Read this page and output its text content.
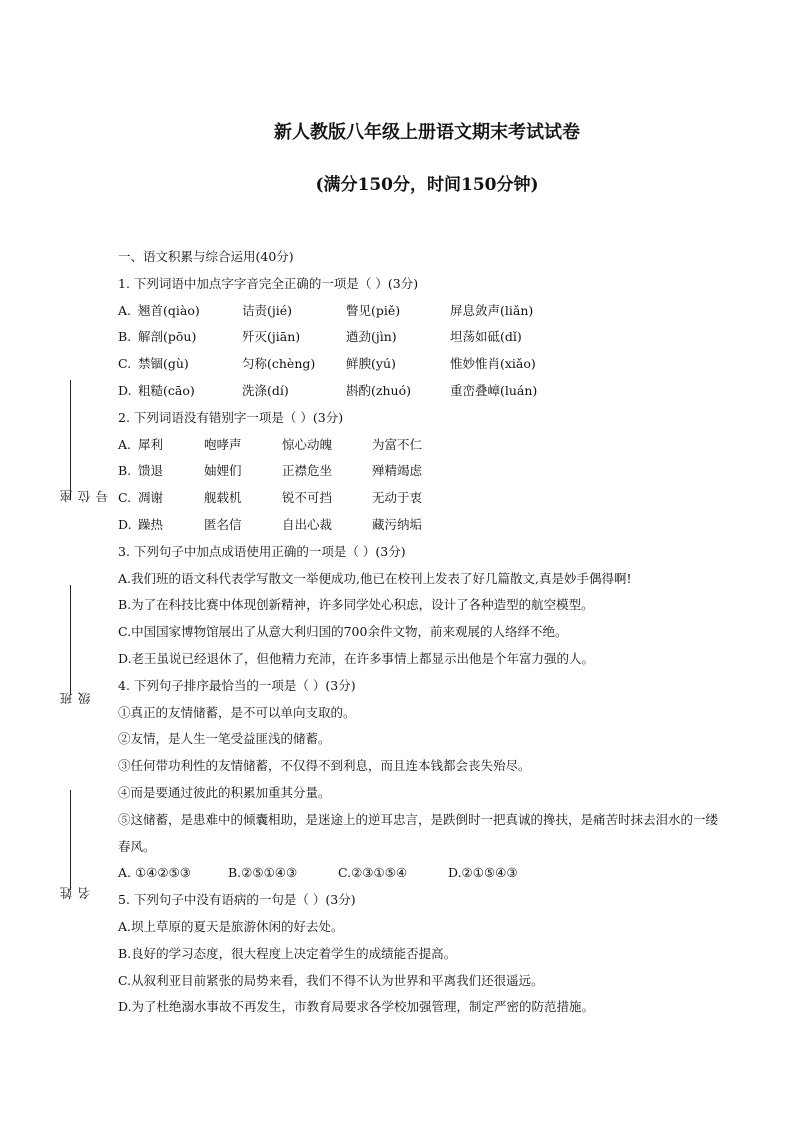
新人教版八年级上册语文期末考试试卷
(满分150分，时间150分钟)
座位号
班级
姓名
一、语文积累与综合运用(40分)
1. 下列词语中加点字字音完全正确的一项是（ ）(3分)
A. 翘首(qiào)	诘责(jié)	瞥见(piě)	屏息敛声(liǎn)
B. 解剖(pōu)	歼灭(jiān)	遒劲(jìn)	坦荡如砥(dǐ)
C. 禁锢(gù)	匀称(chèng)	鲜腴(yú)	惟妙惟肖(xiǎo)
D. 粗糙(cāo)	洗涤(dí)	斟酌(zhuó)	重峦叠嶂(luán)
2. 下列词语没有错别字一项是（ ）(3分)
A. 犀利	咆哮声	惊心动魄	为富不仁
B. 馈退	妯娌们	正襟危坐	殚精竭虑
C. 凋谢	舰载机	锐不可挡	无动于衷
D. 躁热	匿名信	自出心裁	藏污纳垢
3. 下列句子中加点成语使用正确的一项是（ ）(3分)
A.我们班的语文科代表学写散文一举便成功,他已在校刊上发表了好几篇散文,真是妙手偶得啊!
B.为了在科技比赛中体现创新精神，许多同学处心积虑，设计了各种造型的航空模型。
C.中国国家博物馆展出了从意大利归国的700余件文物，前来观展的人络绎不绝。
D.老王虽说已经退休了，但他精力充沛，在许多事情上都显示出他是个年富力强的人。
4. 下列句子排序最恰当的一项是（ ）(3分)
①真正的友情储蓄，是不可以单向支取的。
②友情，是人生一笔受益匪浅的储蓄。
③任何带功利性的友情储蓄，不仅得不到利息，而且连本钱都会丧失殆尽。
④而是要通过彼此的积累加重其分量。
⑤这储蓄，是患难中的倾囊相助，是迷途上的逆耳忠言，是跌倒时一把真诚的搀扶，是痛苦时抹去泪水的一缕春风。
A. ①④②⑤③	B.②⑤①④③	C.②③①⑤④	D.②①⑤④③
5. 下列句子中没有语病的一句是（ ）(3分)
A.坝上草原的夏天是旅游休闲的好去处。
B.良好的学习态度，很大程度上决定着学生的成绩能否提高。
C.从叙利亚目前紧张的局势来看，我们不得不认为世界和平离我们还很遥远。
D.为了杜绝溺水事故不再发生，市教育局要求各学校加强管理，制定严密的防范措施。
